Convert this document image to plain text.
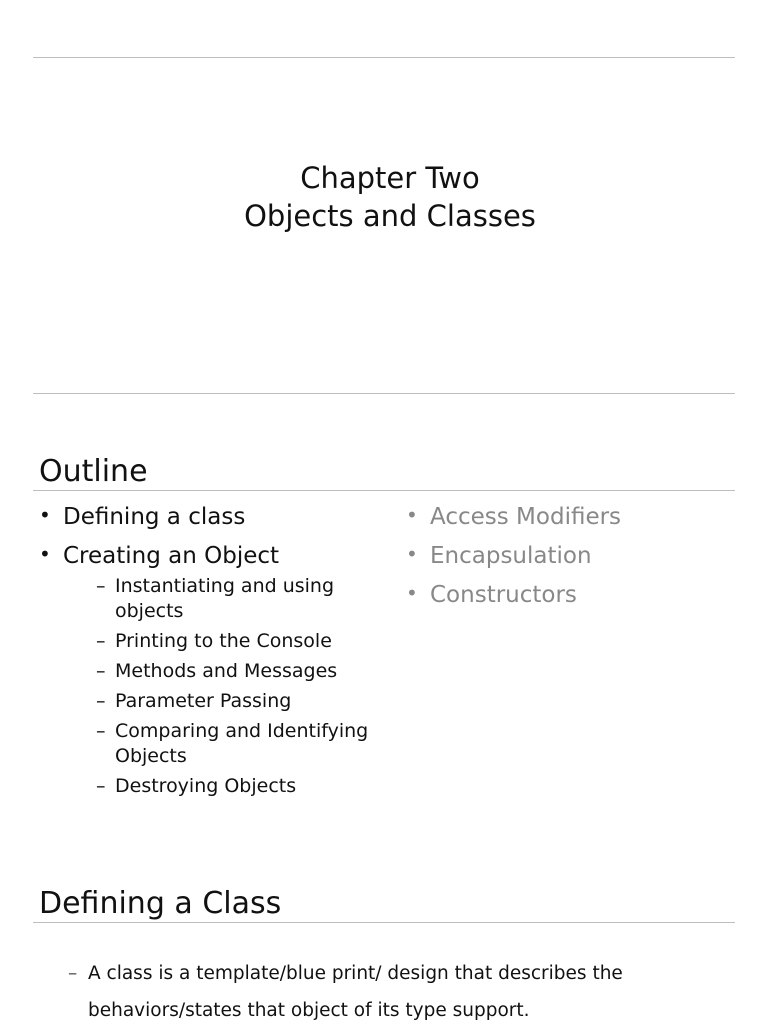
Chapter Two
Objects and Classes
Outline
• Defining a class
• Creating an Object
– Instantiating and using objects
– Printing to the Console
– Methods and Messages
– Parameter Passing
– Comparing and Identifying Objects
– Destroying Objects
• Access Modifiers
• Encapsulation
• Constructors
Defining a Class
– A class is a template/blue print/ design that describes the behaviors/states that object of its type support.
